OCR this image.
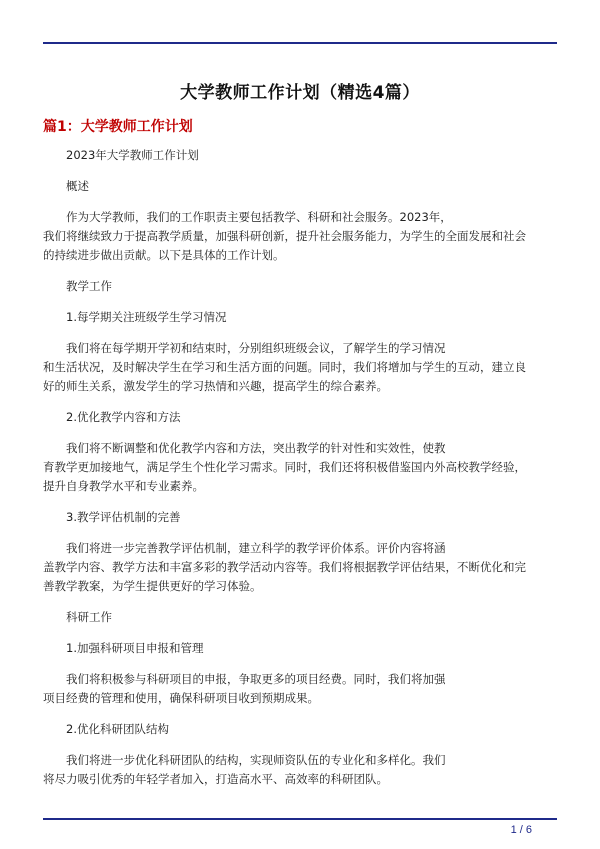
大学教师工作计划（精选4篇）
篇1：大学教师工作计划
2023年大学教师工作计划
概述
作为大学教师，我们的工作职责主要包括教学、科研和社会服务。2023年，
我们将继续致力于提高教学质量，加强科研创新，提升社会服务能力，为学生的全面发展和社会
的持续进步做出贡献。以下是具体的工作计划。
教学工作
1.每学期关注班级学生学习情况
我们将在每学期开学初和结束时，分别组织班级会议，了解学生的学习情况
和生活状况，及时解决学生在学习和生活方面的问题。同时，我们将增加与学生的互动，建立良
好的师生关系，激发学生的学习热情和兴趣，提高学生的综合素养。
2.优化教学内容和方法
我们将不断调整和优化教学内容和方法，突出教学的针对性和实效性，使教
育教学更加接地气，满足学生个性化学习需求。同时，我们还将积极借鉴国内外高校教学经验，
提升自身教学水平和专业素养。
3.教学评估机制的完善
我们将进一步完善教学评估机制，建立科学的教学评价体系。评价内容将涵
盖教学内容、教学方法和丰富多彩的教学活动内容等。我们将根据教学评估结果，不断优化和完
善教学教案，为学生提供更好的学习体验。
科研工作
1.加强科研项目申报和管理
我们将积极参与科研项目的申报，争取更多的项目经费。同时，我们将加强
项目经费的管理和使用，确保科研项目收到预期成果。
2.优化科研团队结构
我们将进一步优化科研团队的结构，实现师资队伍的专业化和多样化。我们
将尽力吸引优秀的年轻学者加入，打造高水平、高效率的科研团队。
1 / 6
